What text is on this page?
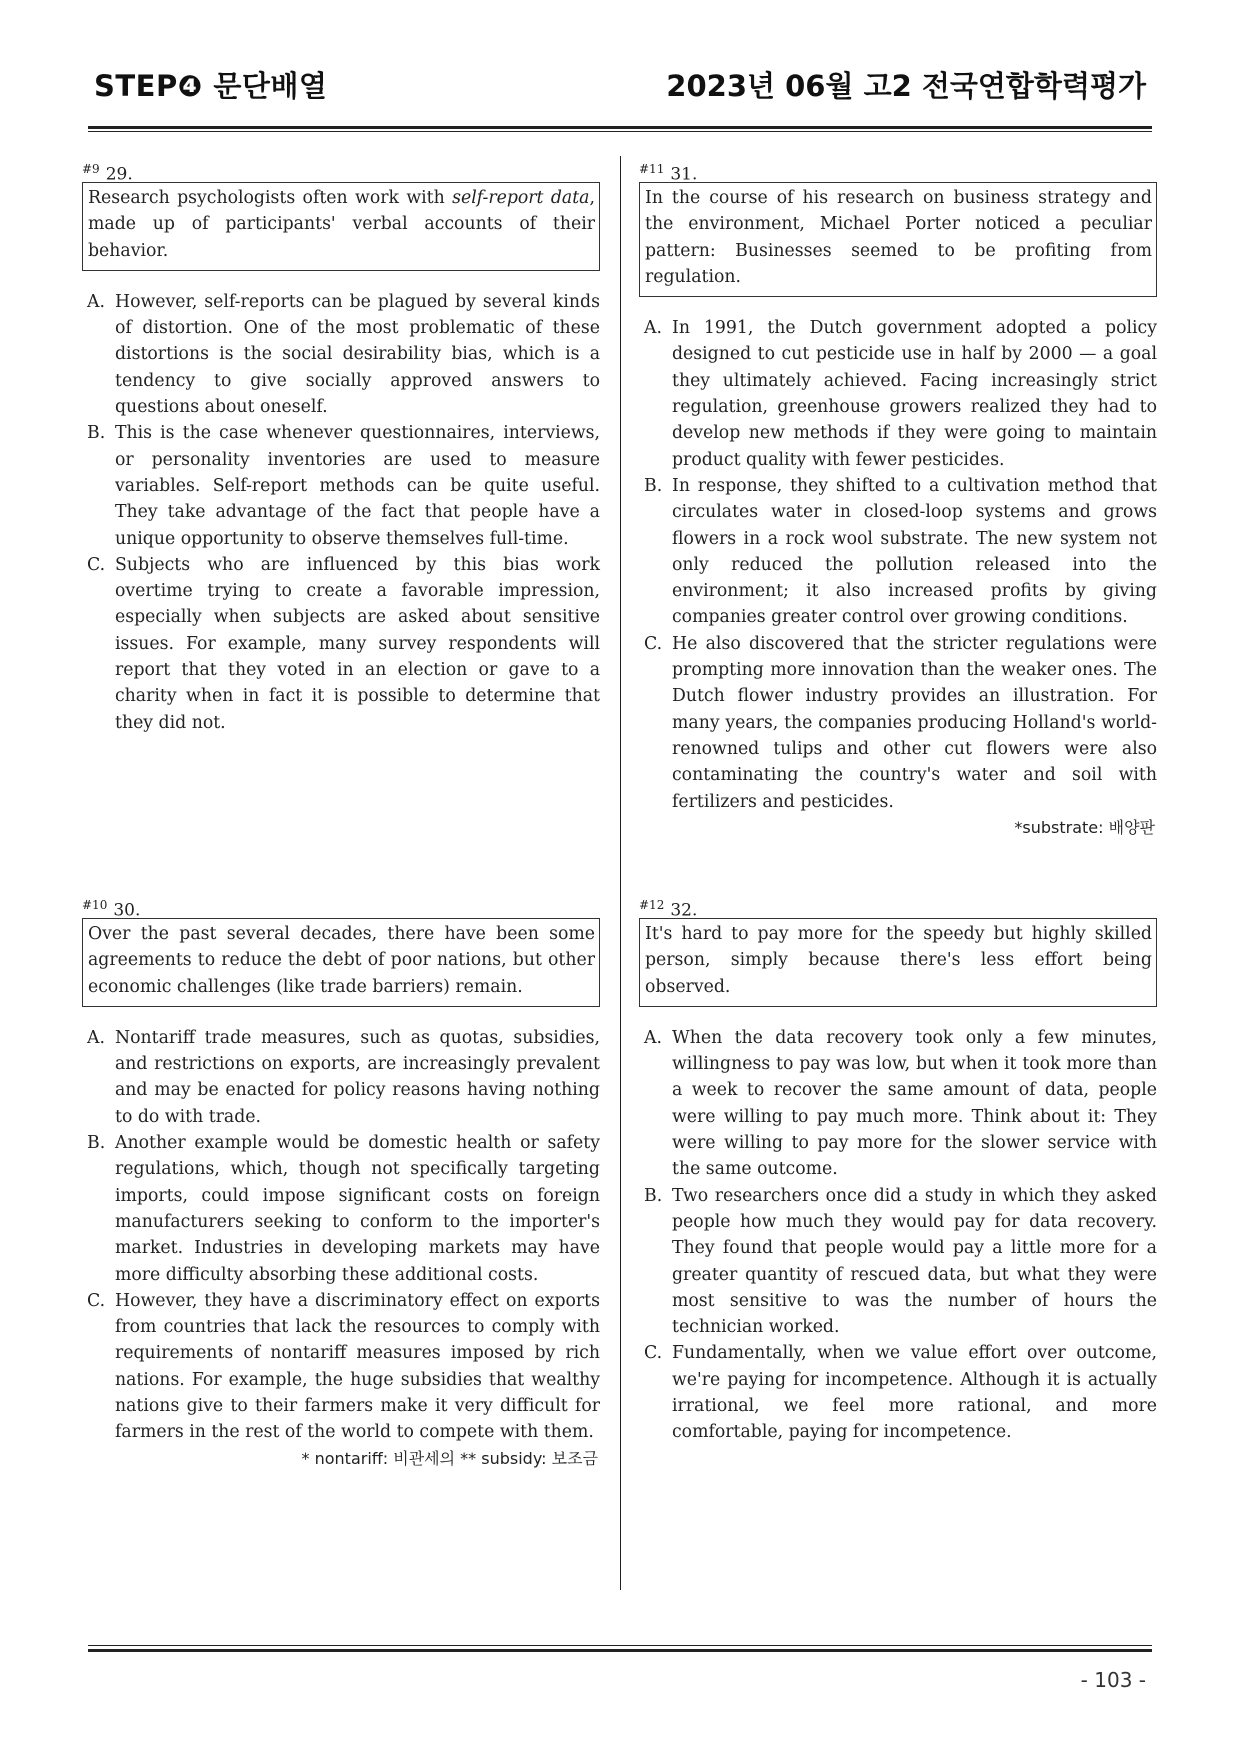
STEP❹ 문단배열	2023년 06월 고2 전국연합학력평가
$^{\#9}$ 29.
Research psychologists often work with self-report data, made up of participants' verbal accounts of their behavior.
A. However, self-reports can be plagued by several kinds of distortion. One of the most problematic of these distortions is the social desirability bias, which is a tendency to give socially approved answers to questions about oneself.
B. This is the case whenever questionnaires, interviews, or personality inventories are used to measure variables. Self-report methods can be quite useful. They take advantage of the fact that people have a unique opportunity to observe themselves full-time.
C. Subjects who are influenced by this bias work overtime trying to create a favorable impression, especially when subjects are asked about sensitive issues. For example, many survey respondents will report that they voted in an election or gave to a charity when in fact it is possible to determine that they did not.
$^{\#11}$ 31.
In the course of his research on business strategy and the environment, Michael Porter noticed a peculiar pattern: Businesses seemed to be profiting from regulation.
A. In 1991, the Dutch government adopted a policy designed to cut pesticide use in half by 2000 — a goal they ultimately achieved. Facing increasingly strict regulation, greenhouse growers realized they had to develop new methods if they were going to maintain product quality with fewer pesticides.
B. In response, they shifted to a cultivation method that circulates water in closed-loop systems and grows flowers in a rock wool substrate. The new system not only reduced the pollution released into the environment; it also increased profits by giving companies greater control over growing conditions.
C. He also discovered that the stricter regulations were prompting more innovation than the weaker ones. The Dutch flower industry provides an illustration. For many years, the companies producing Holland's world-renowned tulips and other cut flowers were also contaminating the country's water and soil with fertilizers and pesticides.
*substrate: 배양판
$^{\#10}$ 30.
Over the past several decades, there have been some agreements to reduce the debt of poor nations, but other economic challenges (like trade barriers) remain.
A. Nontariff trade measures, such as quotas, subsidies, and restrictions on exports, are increasingly prevalent and may be enacted for policy reasons having nothing to do with trade.
B. Another example would be domestic health or safety regulations, which, though not specifically targeting imports, could impose significant costs on foreign manufacturers seeking to conform to the importer's market. Industries in developing markets may have more difficulty absorbing these additional costs.
C. However, they have a discriminatory effect on exports from countries that lack the resources to comply with requirements of nontariff measures imposed by rich nations. For example, the huge subsidies that wealthy nations give to their farmers make it very difficult for farmers in the rest of the world to compete with them.
* nontariff: 비관세의 ** subsidy: 보조금
$^{\#12}$ 32.
It's hard to pay more for the speedy but highly skilled person, simply because there's less effort being observed.
A. When the data recovery took only a few minutes, willingness to pay was low, but when it took more than a week to recover the same amount of data, people were willing to pay much more. Think about it: They were willing to pay more for the slower service with the same outcome.
B. Two researchers once did a study in which they asked people how much they would pay for data recovery. They found that people would pay a little more for a greater quantity of rescued data, but what they were most sensitive to was the number of hours the technician worked.
C. Fundamentally, when we value effort over outcome, we're paying for incompetence. Although it is actually irrational, we feel more rational, and more comfortable, paying for incompetence.
- 103 -
